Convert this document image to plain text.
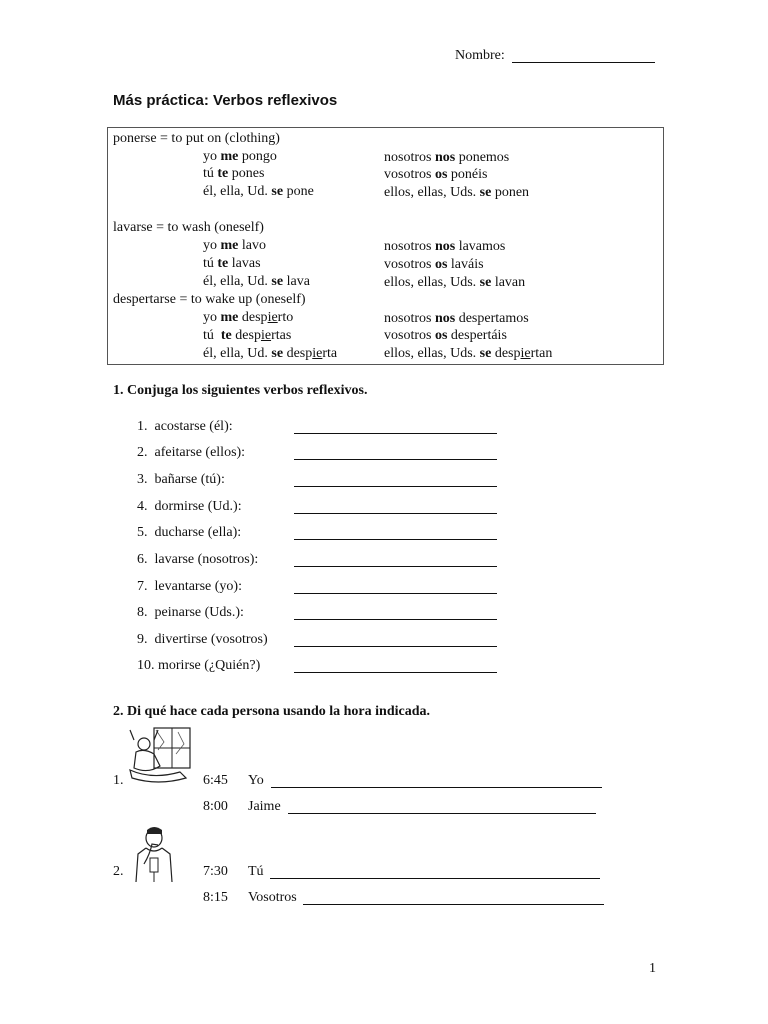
Nombre:
Más práctica: Verbos reflexivos
ponerse = to put on (clothing)
yo me pongo
tú te pones
él, ella, Ud. se pone
nosotros nos ponemos
vosotros os ponéis
ellos, ellas, Uds. se ponen
lavarse = to wash (oneself)
yo me lavo
tú te lavas
él, ella, Ud. se lava
nosotros nos lavamos
vosotros os laváis
ellos, ellas, Uds. se lavan
despertarse = to wake up (oneself)
yo me despierto
tú te despiertas
él, ella, Ud. se despierta
nosotros nos despertamos
vosotros os despertáis
ellos, ellas, Uds. se despiertan
1. Conjuga los siguientes verbos reflexivos.
1. acostarse (él):
2. afeitarse (ellos):
3. bañarse (tú):
4. dormirse (Ud.):
5. ducharse (ella):
6. lavarse (nosotros):
7. levantarse (yo):
8. peinarse (Uds.):
9. divertirse (vosotros)
10. morirse (¿Quién?)
2. Di qué hace cada persona usando la hora indicada.
1.	6:45 Yo
8:00 Jaime
2.	7:30 Tú
8:15 Vosotros
1
